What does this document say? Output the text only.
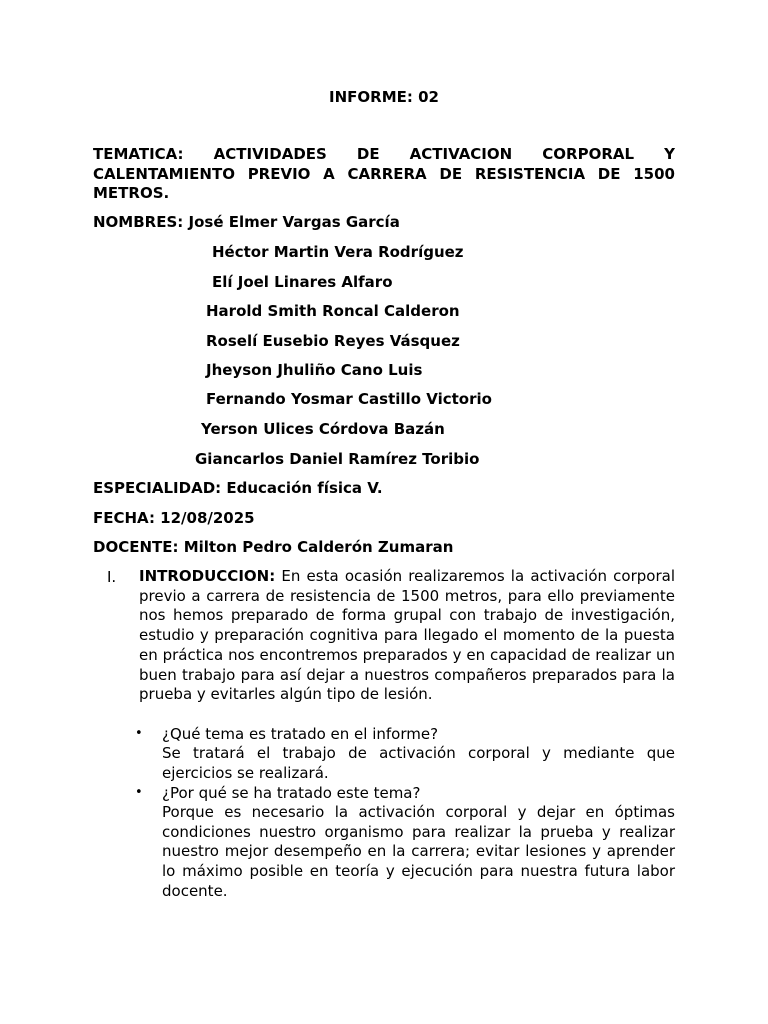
INFORME: 02
TEMATICA: ACTIVIDADES DE ACTIVACION CORPORAL Y CALENTAMIENTO PREVIO A CARRERA DE RESISTENCIA DE 1500 METROS.
NOMBRES: José Elmer Vargas García
Héctor Martin Vera Rodríguez
Elí Joel Linares Alfaro
Harold Smith Roncal Calderon
Roselí Eusebio Reyes Vásquez
Jheyson Jhuliño Cano Luis
Fernando Yosmar Castillo Victorio
Yerson Ulices Córdova Bazán
Giancarlos Daniel Ramírez Toribio
ESPECIALIDAD: Educación física V.
FECHA: 12/08/2025
DOCENTE: Milton Pedro Calderón Zumaran
I. INTRODUCCION: En esta ocasión realizaremos la activación corporal previo a carrera de resistencia de 1500 metros, para ello previamente nos hemos preparado de forma grupal con trabajo de investigación, estudio y preparación cognitiva para llegado el momento de la puesta en práctica nos encontremos preparados y en capacidad de realizar un buen trabajo para así dejar a nuestros compañeros preparados para la prueba y evitarles algún tipo de lesión.
• ¿Qué tema es tratado en el informe?
Se tratará el trabajo de activación corporal y mediante que ejercicios se realizará.
• ¿Por qué se ha tratado este tema?
Porque es necesario la activación corporal y dejar en óptimas condiciones nuestro organismo para realizar la prueba y realizar nuestro mejor desempeño en la carrera; evitar lesiones y aprender lo máximo posible en teoría y ejecución para nuestra futura labor docente.
